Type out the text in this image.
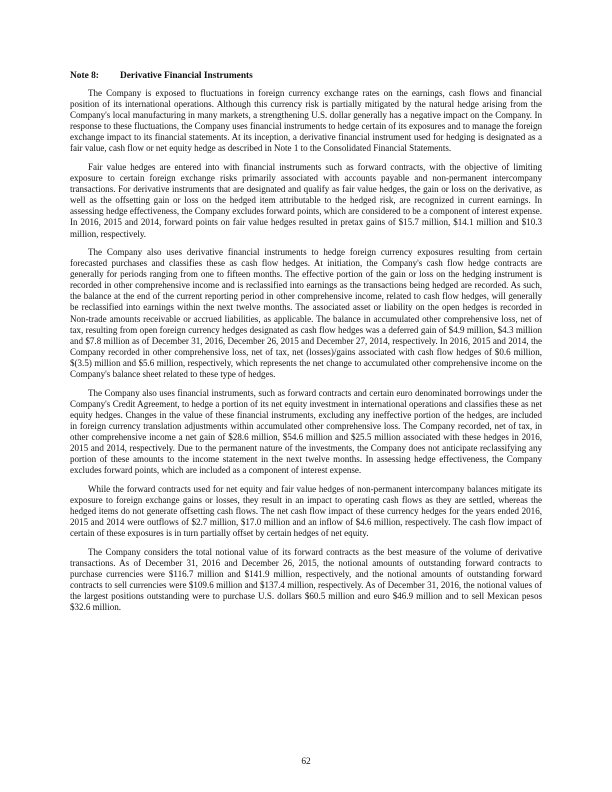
Note 8:	Derivative Financial Instruments

The Company is exposed to fluctuations in foreign currency exchange rates on the earnings, cash flows and financial position of its international operations. Although this currency risk is partially mitigated by the natural hedge arising from the Company's local manufacturing in many markets, a strengthening U.S. dollar generally has a negative impact on the Company. In response to these fluctuations, the Company uses financial instruments to hedge certain of its exposures and to manage the foreign exchange impact to its financial statements. At its inception, a derivative financial instrument used for hedging is designated as a fair value, cash flow or net equity hedge as described in Note 1 to the Consolidated Financial Statements.

Fair value hedges are entered into with financial instruments such as forward contracts, with the objective of limiting exposure to certain foreign exchange risks primarily associated with accounts payable and non-permanent intercompany transactions. For derivative instruments that are designated and qualify as fair value hedges, the gain or loss on the derivative, as well as the offsetting gain or loss on the hedged item attributable to the hedged risk, are recognized in current earnings. In assessing hedge effectiveness, the Company excludes forward points, which are considered to be a component of interest expense. In 2016, 2015 and 2014, forward points on fair value hedges resulted in pretax gains of $15.7 million, $14.1 million and $10.3 million, respectively.

The Company also uses derivative financial instruments to hedge foreign currency exposures resulting from certain forecasted purchases and classifies these as cash flow hedges. At initiation, the Company's cash flow hedge contracts are generally for periods ranging from one to fifteen months. The effective portion of the gain or loss on the hedging instrument is recorded in other comprehensive income and is reclassified into earnings as the transactions being hedged are recorded. As such, the balance at the end of the current reporting period in other comprehensive income, related to cash flow hedges, will generally be reclassified into earnings within the next twelve months. The associated asset or liability on the open hedges is recorded in Non-trade amounts receivable or accrued liabilities, as applicable. The balance in accumulated other comprehensive loss, net of tax, resulting from open foreign currency hedges designated as cash flow hedges was a deferred gain of $4.9 million, $4.3 million and $7.8 million as of December 31, 2016, December 26, 2015 and December 27, 2014, respectively. In 2016, 2015 and 2014, the Company recorded in other comprehensive loss, net of tax, net (losses)/gains associated with cash flow hedges of $0.6 million, $(3.5) million and $5.6 million, respectively, which represents the net change to accumulated other comprehensive income on the Company's balance sheet related to these type of hedges.

The Company also uses financial instruments, such as forward contracts and certain euro denominated borrowings under the Company's Credit Agreement, to hedge a portion of its net equity investment in international operations and classifies these as net equity hedges. Changes in the value of these financial instruments, excluding any ineffective portion of the hedges, are included in foreign currency translation adjustments within accumulated other comprehensive loss. The Company recorded, net of tax, in other comprehensive income a net gain of $28.6 million, $54.6 million and $25.5 million associated with these hedges in 2016, 2015 and 2014, respectively. Due to the permanent nature of the investments, the Company does not anticipate reclassifying any portion of these amounts to the income statement in the next twelve months. In assessing hedge effectiveness, the Company excludes forward points, which are included as a component of interest expense.

While the forward contracts used for net equity and fair value hedges of non-permanent intercompany balances mitigate its exposure to foreign exchange gains or losses, they result in an impact to operating cash flows as they are settled, whereas the hedged items do not generate offsetting cash flows. The net cash flow impact of these currency hedges for the years ended 2016, 2015 and 2014 were outflows of $2.7 million, $17.0 million and an inflow of $4.6 million, respectively. The cash flow impact of certain of these exposures is in turn partially offset by certain hedges of net equity.

The Company considers the total notional value of its forward contracts as the best measure of the volume of derivative transactions. As of December 31, 2016 and December 26, 2015, the notional amounts of outstanding forward contracts to purchase currencies were $116.7 million and $141.9 million, respectively, and the notional amounts of outstanding forward contracts to sell currencies were $109.6 million and $137.4 million, respectively. As of December 31, 2016, the notional values of the largest positions outstanding were to purchase U.S. dollars $60.5 million and euro $46.9 million and to sell Mexican pesos $32.6 million.

62
